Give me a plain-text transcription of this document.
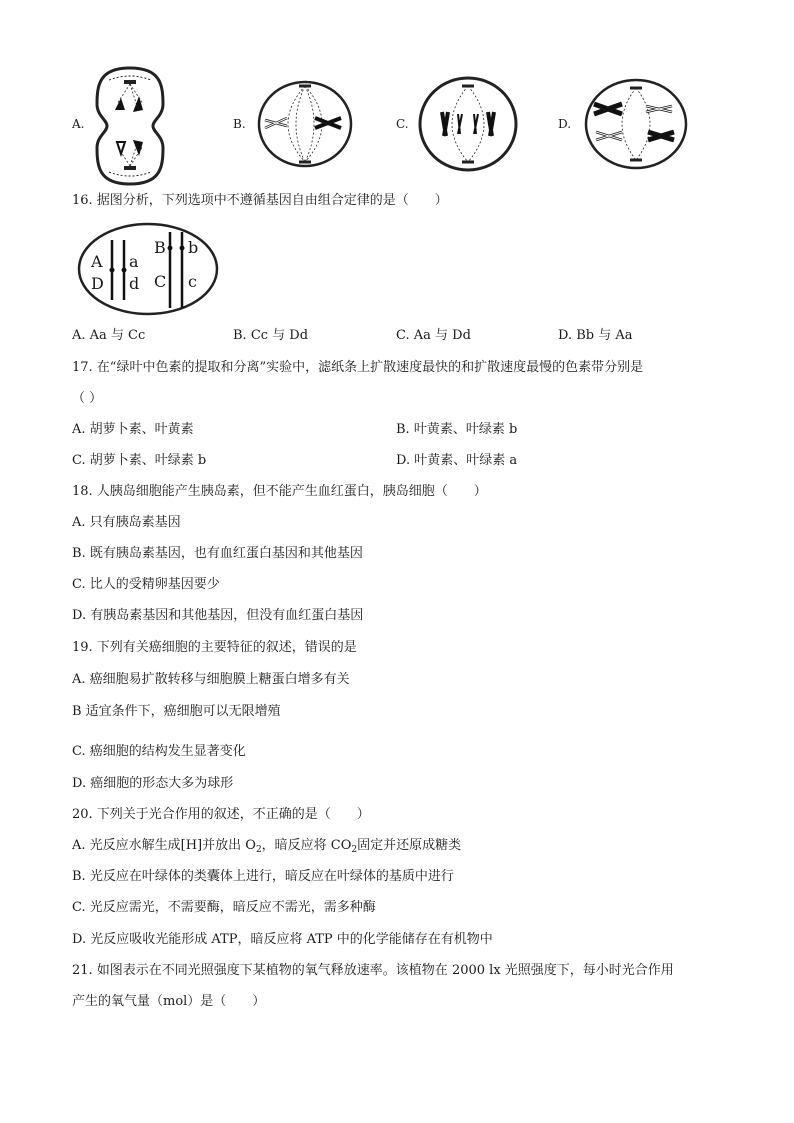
A.	B.	C.	D.
16. 据图分析，下列选项中不遵循基因自由组合定律的是（　　）
A a
D d
B b
C c
A. Aa 与 Cc	B. Cc 与 Dd	C. Aa 与 Dd	D. Bb 与 Aa
17. 在“绿叶中色素的提取和分离”实验中，滤纸条上扩散速度最快的和扩散速度最慢的色素带分别是
（ ）
A. 胡萝卜素、叶黄素	B. 叶黄素、叶绿素 b
C. 胡萝卜素、叶绿素 b	D. 叶黄素、叶绿素 a
18. 人胰岛细胞能产生胰岛素，但不能产生血红蛋白，胰岛细胞（　　）
A. 只有胰岛素基因
B. 既有胰岛素基因，也有血红蛋白基因和其他基因
C. 比人的受精卵基因要少
D. 有胰岛素基因和其他基因，但没有血红蛋白基因
19. 下列有关癌细胞的主要特征的叙述，错误的是
A. 癌细胞易扩散转移与细胞膜上糖蛋白增多有关
B 适宜条件下，癌细胞可以无限增殖
C. 癌细胞的结构发生显著变化
D. 癌细胞的形态大多为球形
20. 下列关于光合作用的叙述，不正确的是（　　）
A. 光反应水解生成[H]并放出 $O_2$，暗反应将 $CO_2$固定并还原成糖类
B. 光反应在叶绿体的类囊体上进行，暗反应在叶绿体的基质中进行
C. 光反应需光，不需要酶，暗反应不需光，需多种酶
D. 光反应吸收光能形成 ATP，暗反应将 ATP 中的化学能储存在有机物中
21. 如图表示在不同光照强度下某植物的氧气释放速率。该植物在 2000 lx 光照强度下，每小时光合作用
产生的氧气量（mol）是（　　）
